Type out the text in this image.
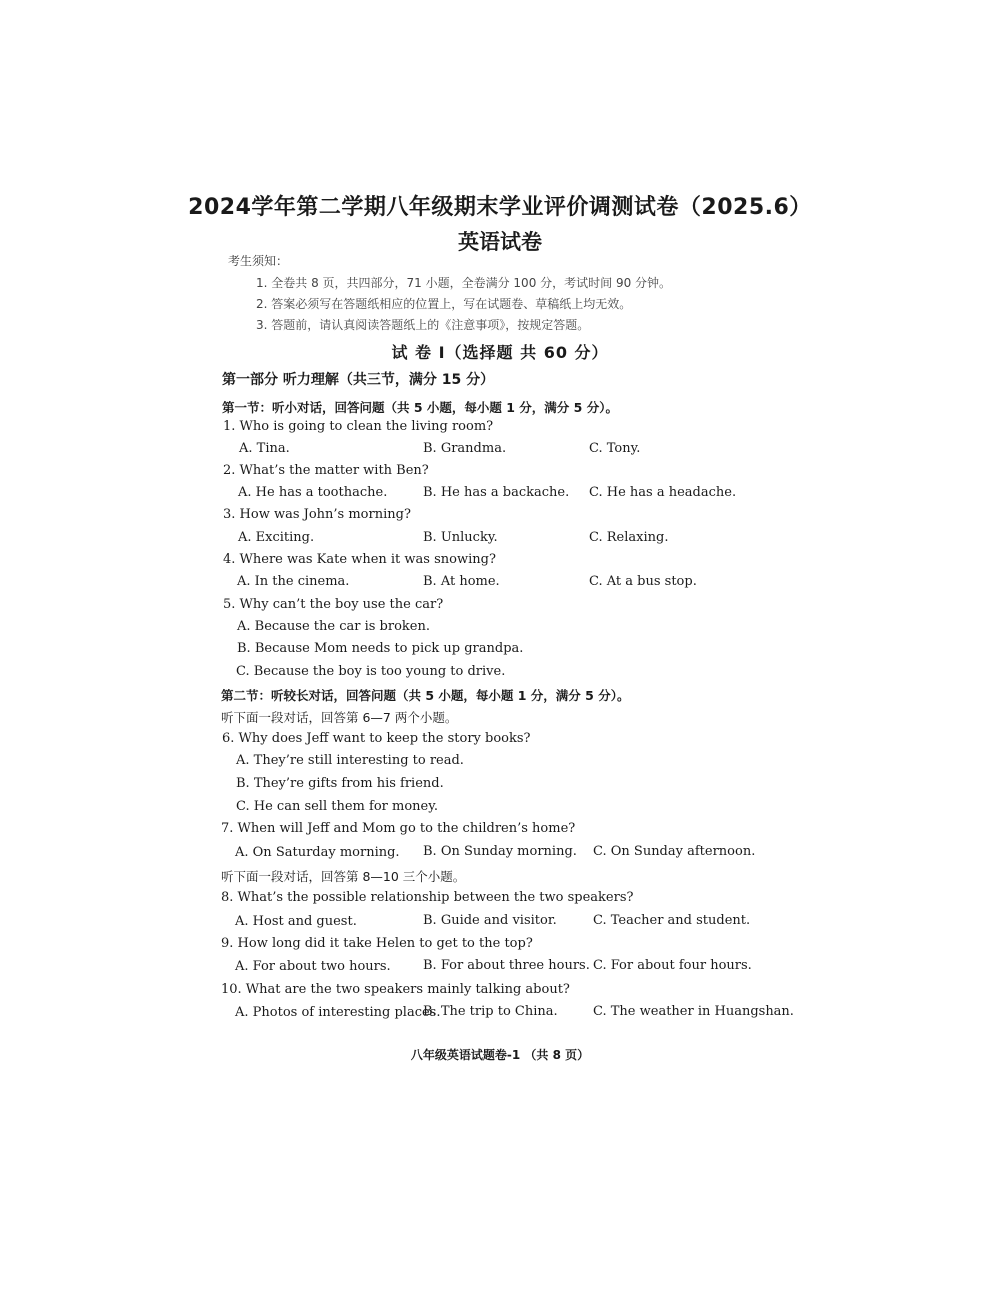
2024学年第二学期八年级期末学业评价调测试卷（2025.6）
英语试卷
考生须知：
1. 全卷共 8 页，共四部分，71 小题，全卷满分 100 分，考试时间 90 分钟。
2. 答案必须写在答题纸相应的位置上，写在试题卷、草稿纸上均无效。
3. 答题前，请认真阅读答题纸上的《注意事项》，按规定答题。
试 卷 Ⅰ（选择题 共 60 分）
第一部分 听力理解（共三节，满分 15 分）
第一节：听小对话，回答问题（共 5 小题，每小题 1 分，满分 5 分）。
1. Who is going to clean the living room?
A. Tina.	B. Grandma.	C. Tony.
2. What’s the matter with Ben?
A. He has a toothache.	B. He has a backache. C. He has a headache.
3. How was John’s morning?
A. Exciting.	B. Unlucky.	C. Relaxing.
4. Where was Kate when it was snowing?
A. In the cinema.	B. At home.	C. At a bus stop.
5. Why can’t the boy use the car?
A. Because the car is broken.
B. Because Mom needs to pick up grandpa.
C. Because the boy is too young to drive.
第二节：听较长对话，回答问题（共 5 小题，每小题 1 分，满分 5 分）。
听下面一段对话，回答第 6—7 两个小题。
6. Why does Jeff want to keep the story books?
A. They’re still interesting to read.
B. They’re gifts from his friend.
C. He can sell them for money.
7. When will Jeff and Mom go to the children’s home?
A. On Saturday morning. B. On Sunday morning. C. On Sunday afternoon.
听下面一段对话，回答第 8—10 三个小题。
8. What’s the possible relationship between the two speakers?
A. Host and guest.	B. Guide and visitor.	C. Teacher and student.
9. How long did it take Helen to get to the top?
A. For about two hours. B. For about three hours. C. For about four hours.
10. What are the two speakers mainly talking about?
A. Photos of interesting places.
B. The trip to China.	C. The weather in Huangshan.
八年级英语试题卷-1 （共 8 页）
